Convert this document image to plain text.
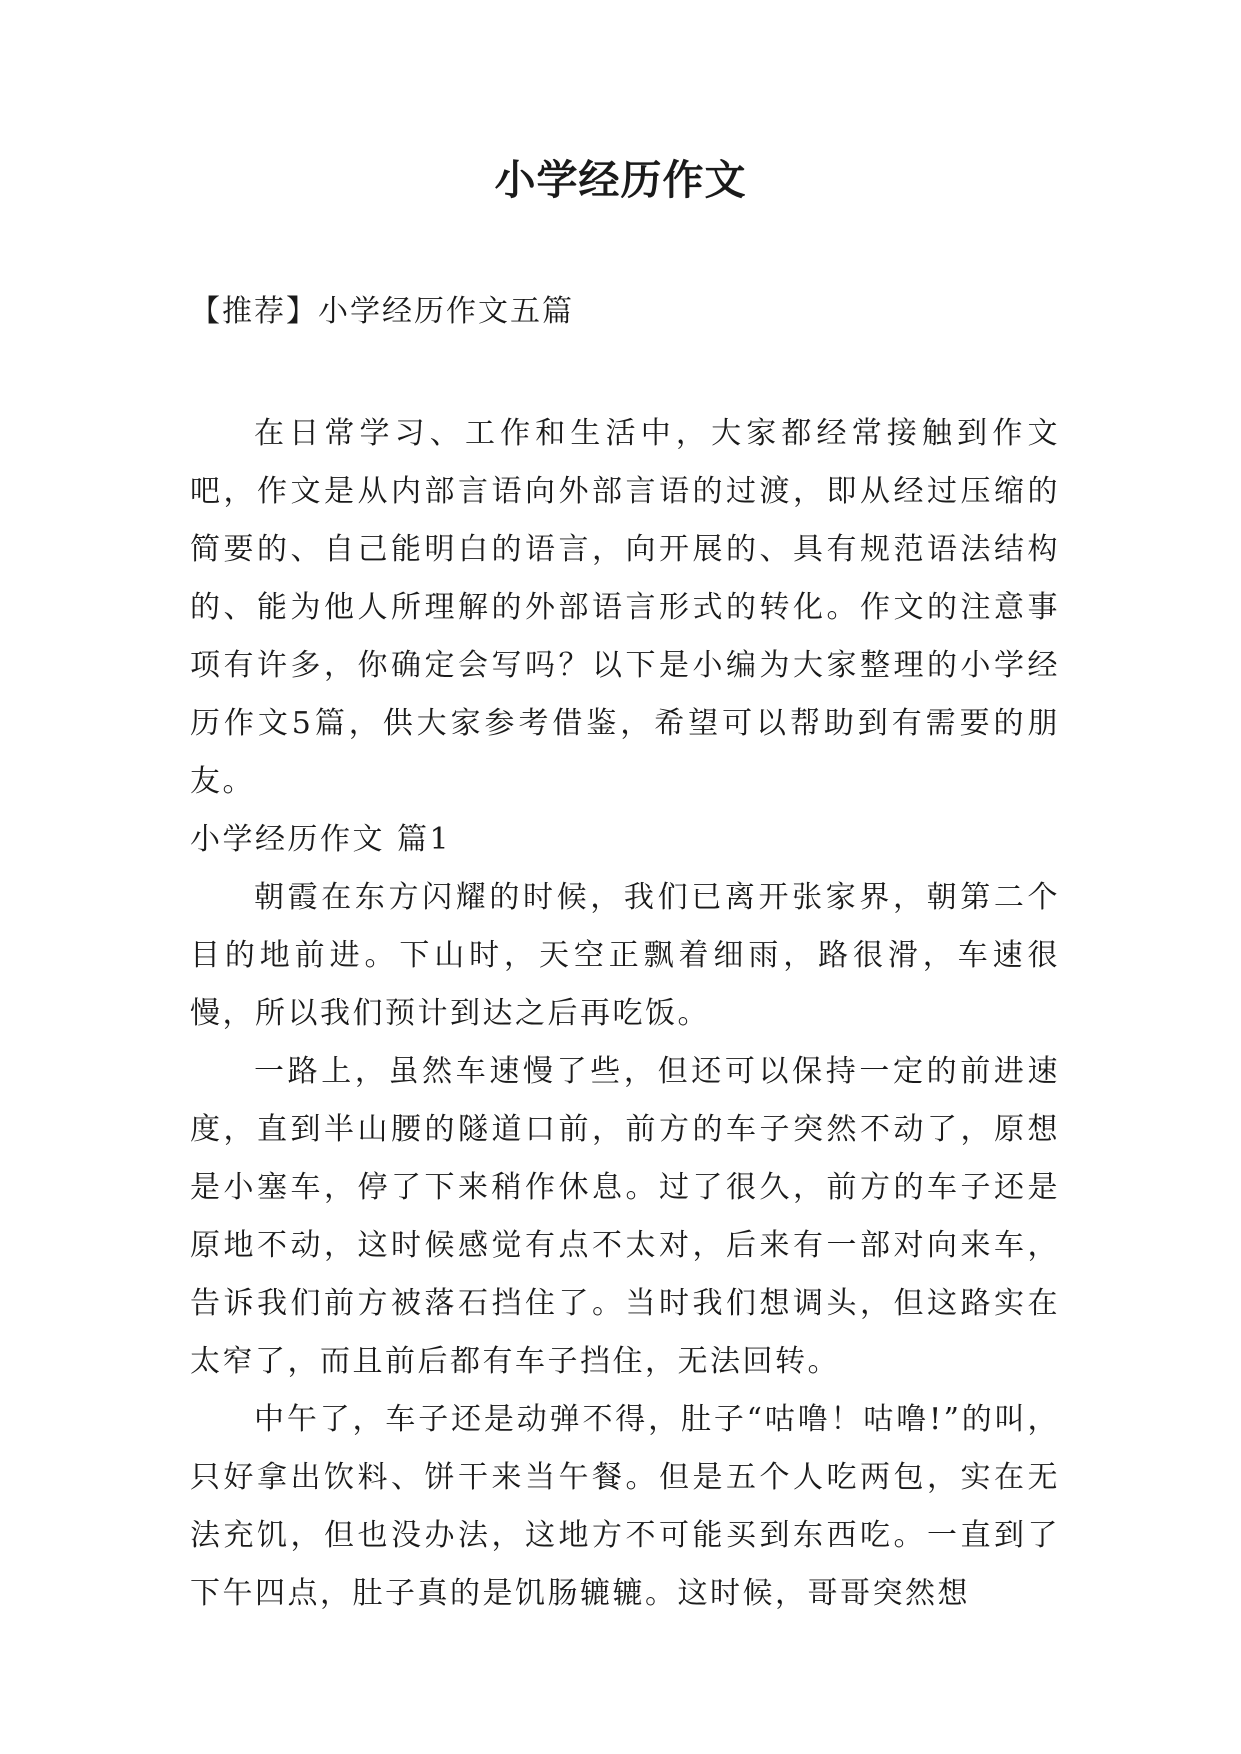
小学经历作文
【推荐】小学经历作文五篇

在日常学习、工作和生活中，大家都经常接触到作文吧，作文是从内部言语向外部言语的过渡，即从经过压缩的简要的、自己能明白的语言，向开展的、具有规范语法结构的、能为他人所理解的外部语言形式的转化。作文的注意事项有许多，你确定会写吗？以下是小编为大家整理的小学经历作文5篇，供大家参考借鉴，希望可以帮助到有需要的朋友。

小学经历作文 篇1

朝霞在东方闪耀的时候，我们已离开张家界，朝第二个目的地前进。下山时，天空正飘着细雨，路很滑，车速很慢，所以我们预计到达之后再吃饭。

一路上，虽然车速慢了些，但还可以保持一定的前进速度，直到半山腰的隧道口前，前方的车子突然不动了，原想是小塞车，停了下来稍作休息。过了很久，前方的车子还是原地不动，这时候感觉有点不太对，后来有一部对向来车，告诉我们前方被落石挡住了。当时我们想调头，但这路实在太窄了，而且前后都有车子挡住，无法回转。

中午了，车子还是动弹不得，肚子“咕噜！咕噜!”的叫，只好拿出饮料、饼干来当午餐。但是五个人吃两包，实在无法充饥，但也没办法，这地方不可能买到东西吃。一直到了下午四点，肚子真的是饥肠辘辘。这时候，哥哥突然想
